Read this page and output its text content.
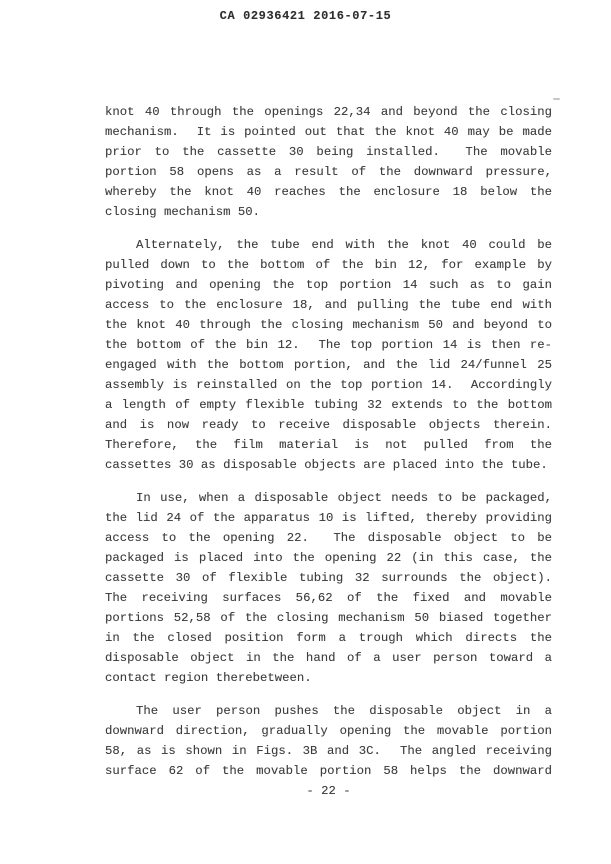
CA 02936421 2016-07-15
knot 40 through the openings 22,34 and beyond the closing
mechanism.  It is pointed out that the knot 40 may be made
prior to the cassette 30 being installed.  The movable
portion 58 opens as a result of the downward pressure,
whereby the knot 40 reaches the enclosure 18 below the
closing mechanism 50.
Alternately, the tube end with the knot 40 could be
pulled down to the bottom of the bin 12, for example by
pivoting and opening the top portion 14 such as to gain
access to the enclosure 18, and pulling the tube end with
the knot 40 through the closing mechanism 50 and beyond to
the bottom of the bin 12.  The top portion 14 is then re-
engaged with the bottom portion, and the lid 24/funnel 25
assembly is reinstalled on the top portion 14.  Accordingly
a length of empty flexible tubing 32 extends to the bottom
and is now ready to receive disposable objects therein.
Therefore, the film material is not pulled from the
cassettes 30 as disposable objects are placed into the tube.
In use, when a disposable object needs to be packaged,
the lid 24 of the apparatus 10 is lifted, thereby providing
access to the opening 22.  The disposable object to be
packaged is placed into the opening 22 (in this case, the
cassette 30 of flexible tubing 32 surrounds the object).
The receiving surfaces 56,62 of the fixed and movable
portions 52,58 of the closing mechanism 50 biased together
in the closed position form a trough which directs the
disposable object in the hand of a user person toward a
contact region therebetween.
The user person pushes the disposable object in a
downward direction, gradually opening the movable portion
58, as is shown in Figs. 3B and 3C.  The angled receiving
surface 62 of the movable portion 58 helps the downward
- 22 -
